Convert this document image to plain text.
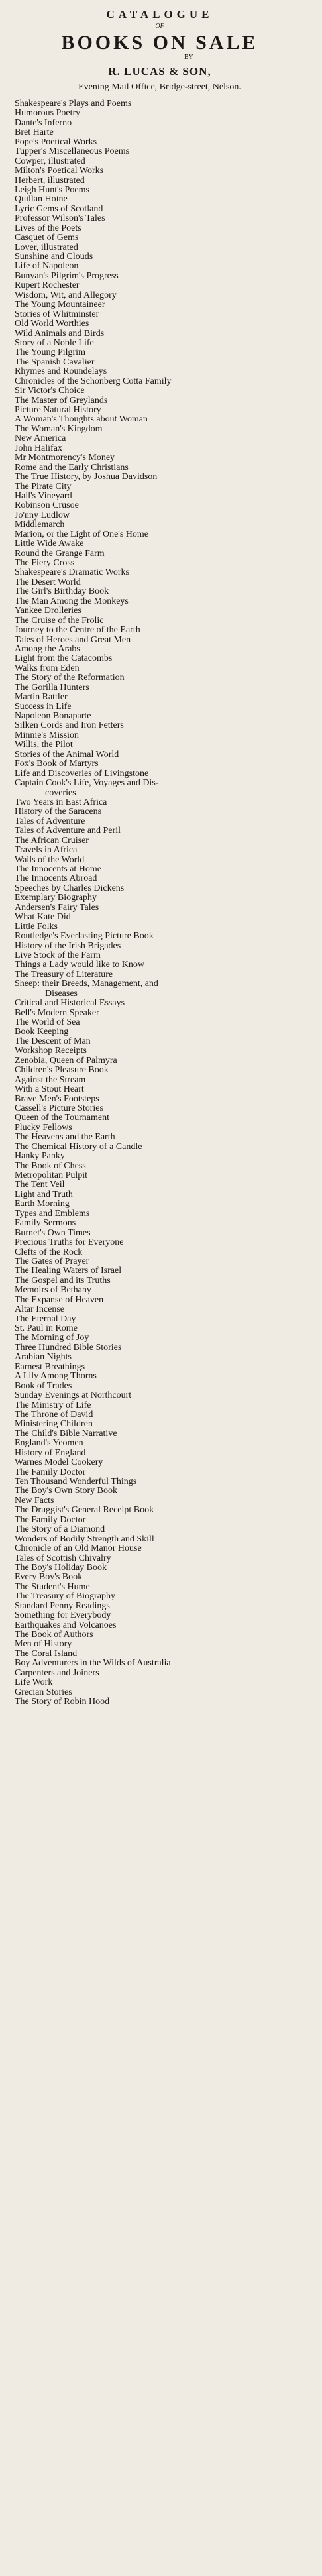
CATALOGUE
OF
BOOKS ON SALE
BY
R. LUCAS & SON,
Evening Mail Office, Bridge-street, Nelson.
Shakespeare's Plays and Poems
Humorous Poetry
Dante's Inferno
Bret Harte
Pope's Poetical Works
Tupper's Miscellaneous Poems
Cowper, illustrated
Milton's Poetical Works
Herbert, illustrated
Leigh Hunt's Poems
Quillan Hoine
Lyric Gems of Scotland
Professor Wilson's Tales
Lives of the Poets
Casquet of Gems
Lover, illustrated
Sunshine and Clouds
Life of Napoleon
Bunyan's Pilgrim's Progress
Rupert Rochester
Wisdom, Wit, and Allegory
The Young Mountaineer
Stories of Whitminster
Old World Worthies
Wild Animals and Birds
Story of a Noble Life
The Young Pilgrim
The Spanish Cavalier
Rhymes and Roundelays
Chronicles of the Schonberg Cotta Family
Sir Victor's Choice
The Master of Greylands
Picture Natural History
A Woman's Thoughts about Woman
The Woman's Kingdom
New America
John Halifax
Mr Montmorency's Money
Rome and the Early Christians
The True History, by Joshua Davidson
The Pirate City
Hall's Vineyard
Robinson Crusoe
Jo'nny Ludlow
Middlemarch
Marion, or the Light of One's Home
Little Wide Awake
Round the Grange Farm
The Fiery Cross
Shakespeare's Dramatic Works
The Desert World
The Girl's Birthday Book
The Man Among the Monkeys
Yankee Drolleries
The Cruise of the Frolic
Journey to the Centre of the Earth
Tales of Heroes and Great Men
Among the Arabs
Light from the Catacombs
Walks from Eden
The Story of the Reformation
The Gorilla Hunters
Martin Rattler
Success in Life
Napoleon Bonaparte
Silken Cords and Iron Fetters
Minnie's Mission
Willis, the Pilot
Stories of the Animal World
Fox's Book of Martyrs
Life and Discoveries of Livingstone
Captain Cook's Life, Voyages and Dis-
coveries
Two Years in East Africa
History of the Saracens
Tales of Adventure
Tales of Adventure and Peril
The African Cruiser
Travels in Africa
Wails of the World
The Innocents at Home
The Innocents Abroad
Speeches by Charles Dickens
Exemplary Biography
Andersen's Fairy Tales
What Kate Did
Little Folks
Routledge's Everlasting Picture Book
History of the Irish Brigades
Live Stock of the Farm
Things a Lady would like to Know
The Treasury of Literature
Sheep: their Breeds, Management, and
Diseases
Critical and Historical Essays
Bell's Modern Speaker
The World of Sea
Book Keeping
The Descent of Man
Workshop Receipts
Zenobia, Queen of Palmyra
Children's Pleasure Book
Against the Stream
With a Stout Heart
Brave Men's Footsteps
Cassell's Picture Stories
Queen of the Tournament
Plucky Fellows
The Heavens and the Earth
The Chemical History of a Candle
Hanky Panky
The Book of Chess
Metropolitan Pulpit
The Tent Veil
Light and Truth
Earth Morning
Types and Emblems
Family Sermons
Burnet's Own Times
Precious Truths for Everyone
Clefts of the Rock
The Gates of Prayer
The Healing Waters of Israel
The Gospel and its Truths
Memoirs of Bethany
The Expanse of Heaven
Altar Incense
The Eternal Day
St. Paul in Rome
The Morning of Joy
Three Hundred Bible Stories
Arabian Nights
Earnest Breathings
A Lily Among Thorns
Book of Trades
Sunday Evenings at Northcourt
The Ministry of Life
The Throne of David
Ministering Children
The Child's Bible Narrative
England's Yeomen
History of England
Warnes Model Cookery
The Family Doctor
Ten Thousand Wonderful Things
The Boy's Own Story Book
New Facts
The Druggist's General Receipt Book
The Family Doctor
The Story of a Diamond
Wonders of Bodily Strength and Skill
Chronicle of an Old Manor House
Tales of Scottish Chivalry
The Boy's Holiday Book
Every Boy's Book
The Student's Hume
The Treasury of Biography
Standard Penny Readings
Something for Everybody
Earthquakes and Volcanoes
The Book of Authors
Men of History
The Coral Island
Boy Adventurers in the Wilds of Australia
Carpenters and Joiners
Life Work
Grecian Stories
The Story of Robin Hood
